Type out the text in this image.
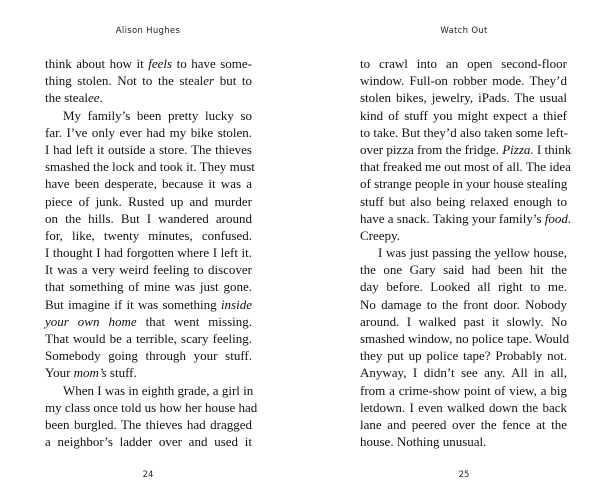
Alison Hughes
think about how it feels to have some-
thing stolen. Not to the stealer but to
the stealee.
My family’s been pretty lucky so
far. I’ve only ever had my bike stolen.
I had left it outside a store. The thieves
smashed the lock and took it. They must
have been desperate, because it was a
piece of junk. Rusted up and murder
on the hills. But I wandered around
for, like, twenty minutes, confused.
I thought I had forgotten where I left it.
It was a very weird feeling to discover
that something of mine was just gone.
But imagine if it was something inside
your own home that went missing.
That would be a terrible, scary feeling.
Somebody going through your stuff.
Your mom’s stuff.
When I was in eighth grade, a girl in
my class once told us how her house had
been burgled. The thieves had dragged
a neighbor’s ladder over and used it
24
Watch Out
to crawl into an open second-floor
window. Full-on robber mode. They’d
stolen bikes, jewelry, iPads. The usual
kind of stuff you might expect a thief
to take. But they’d also taken some left-
over pizza from the fridge. Pizza. I think
that freaked me out most of all. The idea
of strange people in your house stealing
stuff but also being relaxed enough to
have a snack. Taking your family’s food.
Creepy.
I was just passing the yellow house,
the one Gary said had been hit the
day before. Looked all right to me.
No damage to the front door. Nobody
around. I walked past it slowly. No
smashed window, no police tape. Would
they put up police tape? Probably not.
Anyway, I didn’t see any. All in all,
from a crime-show point of view, a big
letdown. I even walked down the back
lane and peered over the fence at the
house. Nothing unusual.
25
